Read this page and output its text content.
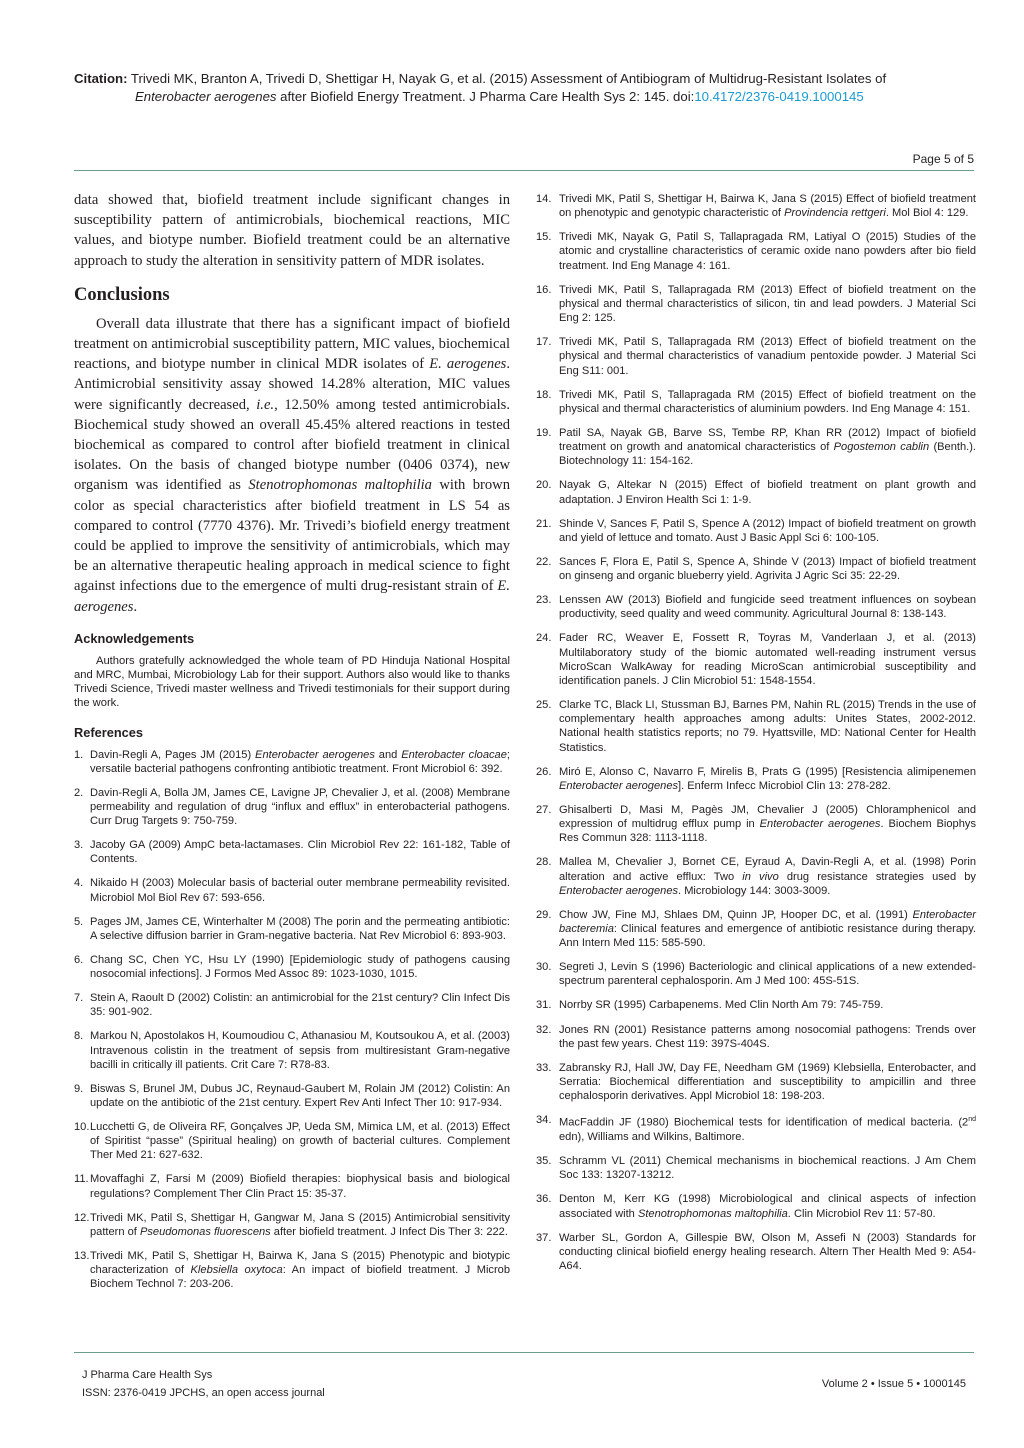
Citation: Trivedi MK, Branton A, Trivedi D, Shettigar H, Nayak G, et al. (2015) Assessment of Antibiogram of Multidrug-Resistant Isolates of
Enterobacter aerogenes after Biofield Energy Treatment. J Pharma Care Health Sys 2: 145. doi:10.4172/2376-0419.1000145
Page 5 of 5

data showed that, biofield treatment include significant changes in susceptibility pattern of antimicrobials, biochemical reactions, MIC values, and biotype number. Biofield treatment could be an alternative approach to study the alteration in sensitivity pattern of MDR isolates.

Conclusions

Overall data illustrate that there has a significant impact of biofield treatment on antimicrobial susceptibility pattern, MIC values, biochemical reactions, and biotype number in clinical MDR isolates of E. aerogenes. Antimicrobial sensitivity assay showed 14.28% alteration, MIC values were significantly decreased, i.e., 12.50% among tested antimicrobials. Biochemical study showed an overall 45.45% altered reactions in tested biochemical as compared to control after biofield treatment in clinical isolates. On the basis of changed biotype number (0406 0374), new organism was identified as Stenotrophomonas maltophilia with brown color as special characteristics after biofield treatment in LS 54 as compared to control (7770 4376). Mr. Trivedi’s biofield energy treatment could be applied to improve the sensitivity of antimicrobials, which may be an alternative therapeutic healing approach in medical science to fight against infections due to the emergence of multi drug-resistant strain of E. aerogenes.

Acknowledgements

Authors gratefully acknowledged the whole team of PD Hinduja National Hospital and MRC, Mumbai, Microbiology Lab for their support. Authors also would like to thanks Trivedi Science, Trivedi master wellness and Trivedi testimonials for their support during the work.

References
1. Davin-Regli A, Pages JM (2015) Enterobacter aerogenes and Enterobacter cloacae; versatile bacterial pathogens confronting antibiotic treatment. Front Microbiol 6: 392.
2. Davin-Regli A, Bolla JM, James CE, Lavigne JP, Chevalier J, et al. (2008) Membrane permeability and regulation of drug “influx and efflux” in enterobacterial pathogens. Curr Drug Targets 9: 750-759.
3. Jacoby GA (2009) AmpC beta-lactamases. Clin Microbiol Rev 22: 161-182, Table of Contents.
4. Nikaido H (2003) Molecular basis of bacterial outer membrane permeability revisited. Microbiol Mol Biol Rev 67: 593-656.
5. Pages JM, James CE, Winterhalter M (2008) The porin and the permeating antibiotic: A selective diffusion barrier in Gram-negative bacteria. Nat Rev Microbiol 6: 893-903.
6. Chang SC, Chen YC, Hsu LY (1990) [Epidemiologic study of pathogens causing nosocomial infections]. J Formos Med Assoc 89: 1023-1030, 1015.
7. Stein A, Raoult D (2002) Colistin: an antimicrobial for the 21st century? Clin Infect Dis 35: 901-902.
8. Markou N, Apostolakos H, Koumoudiou C, Athanasiou M, Koutsoukou A, et al. (2003) Intravenous colistin in the treatment of sepsis from multiresistant Gram-negative bacilli in critically ill patients. Crit Care 7: R78-83.
9. Biswas S, Brunel JM, Dubus JC, Reynaud-Gaubert M, Rolain JM (2012) Colistin: An update on the antibiotic of the 21st century. Expert Rev Anti Infect Ther 10: 917-934.
10. Lucchetti G, de Oliveira RF, Gonçalves JP, Ueda SM, Mimica LM, et al. (2013) Effect of Spiritist “passe” (Spiritual healing) on growth of bacterial cultures. Complement Ther Med 21: 627-632.
11. Movaffaghi Z, Farsi M (2009) Biofield therapies: biophysical basis and biological regulations? Complement Ther Clin Pract 15: 35-37.
12. Trivedi MK, Patil S, Shettigar H, Gangwar M, Jana S (2015) Antimicrobial sensitivity pattern of Pseudomonas fluorescens after biofield treatment. J Infect Dis Ther 3: 222.
13. Trivedi MK, Patil S, Shettigar H, Bairwa K, Jana S (2015) Phenotypic and biotypic characterization of Klebsiella oxytoca: An impact of biofield treatment. J Microb Biochem Technol 7: 203-206.
14. Trivedi MK, Patil S, Shettigar H, Bairwa K, Jana S (2015) Effect of biofield treatment on phenotypic and genotypic characteristic of Provindencia rettgeri. Mol Biol 4: 129.
15. Trivedi MK, Nayak G, Patil S, Tallapragada RM, Latiyal O (2015) Studies of the atomic and crystalline characteristics of ceramic oxide nano powders after bio field treatment. Ind Eng Manage 4: 161.
16. Trivedi MK, Patil S, Tallapragada RM (2013) Effect of biofield treatment on the physical and thermal characteristics of silicon, tin and lead powders. J Material Sci Eng 2: 125.
17. Trivedi MK, Patil S, Tallapragada RM (2013) Effect of biofield treatment on the physical and thermal characteristics of vanadium pentoxide powder. J Material Sci Eng S11: 001.
18. Trivedi MK, Patil S, Tallapragada RM (2015) Effect of biofield treatment on the physical and thermal characteristics of aluminium powders. Ind Eng Manage 4: 151.
19. Patil SA, Nayak GB, Barve SS, Tembe RP, Khan RR (2012) Impact of biofield treatment on growth and anatomical characteristics of Pogostemon cablin (Benth.). Biotechnology 11: 154-162.
20. Nayak G, Altekar N (2015) Effect of biofield treatment on plant growth and adaptation. J Environ Health Sci 1: 1-9.
21. Shinde V, Sances F, Patil S, Spence A (2012) Impact of biofield treatment on growth and yield of lettuce and tomato. Aust J Basic Appl Sci 6: 100-105.
22. Sances F, Flora E, Patil S, Spence A, Shinde V (2013) Impact of biofield treatment on ginseng and organic blueberry yield. Agrivita J Agric Sci 35: 22-29.
23. Lenssen AW (2013) Biofield and fungicide seed treatment influences on soybean productivity, seed quality and weed community. Agricultural Journal 8: 138-143.
24. Fader RC, Weaver E, Fossett R, Toyras M, Vanderlaan J, et al. (2013) Multilaboratory study of the biomic automated well-reading instrument versus MicroScan WalkAway for reading MicroScan antimicrobial susceptibility and identification panels. J Clin Microbiol 51: 1548-1554.
25. Clarke TC, Black LI, Stussman BJ, Barnes PM, Nahin RL (2015) Trends in the use of complementary health approaches among adults: Unites States, 2002-2012. National health statistics reports; no 79. Hyattsville, MD: National Center for Health Statistics.
26. Miró E, Alonso C, Navarro F, Mirelis B, Prats G (1995) [Resistencia alimipenemen Enterobacter aerogenes]. Enferm Infecc Microbiol Clin 13: 278-282.
27. Ghisalberti D, Masi M, Pagès JM, Chevalier J (2005) Chloramphenicol and expression of multidrug efflux pump in Enterobacter aerogenes. Biochem Biophys Res Commun 328: 1113-1118.
28. Mallea M, Chevalier J, Bornet CE, Eyraud A, Davin-Regli A, et al. (1998) Porin alteration and active efflux: Two in vivo drug resistance strategies used by Enterobacter aerogenes. Microbiology 144: 3003-3009.
29. Chow JW, Fine MJ, Shlaes DM, Quinn JP, Hooper DC, et al. (1991) Enterobacter bacteremia: Clinical features and emergence of antibiotic resistance during therapy. Ann Intern Med 115: 585-590.
30. Segreti J, Levin S (1996) Bacteriologic and clinical applications of a new extended-spectrum parenteral cephalosporin. Am J Med 100: 45S-51S.
31. Norrby SR (1995) Carbapenems. Med Clin North Am 79: 745-759.
32. Jones RN (2001) Resistance patterns among nosocomial pathogens: Trends over the past few years. Chest 119: 397S-404S.
33. Zabransky RJ, Hall JW, Day FE, Needham GM (1969) Klebsiella, Enterobacter, and Serratia: Biochemical differentiation and susceptibility to ampicillin and three cephalosporin derivatives. Appl Microbiol 18: 198-203.
34. MacFaddin JF (1980) Biochemical tests for identification of medical bacteria. (2nd edn), Williams and Wilkins, Baltimore.
35. Schramm VL (2011) Chemical mechanisms in biochemical reactions. J Am Chem Soc 133: 13207-13212.
36. Denton M, Kerr KG (1998) Microbiological and clinical aspects of infection associated with Stenotrophomonas maltophilia. Clin Microbiol Rev 11: 57-80.
37. Warber SL, Gordon A, Gillespie BW, Olson M, Assefi N (2003) Standards for conducting clinical biofield energy healing research. Altern Ther Health Med 9: A54-A64.
J Pharma Care Health Sys
ISSN: 2376-0419 JPCHS, an open access journal
Volume 2 • Issue 5 • 1000145
